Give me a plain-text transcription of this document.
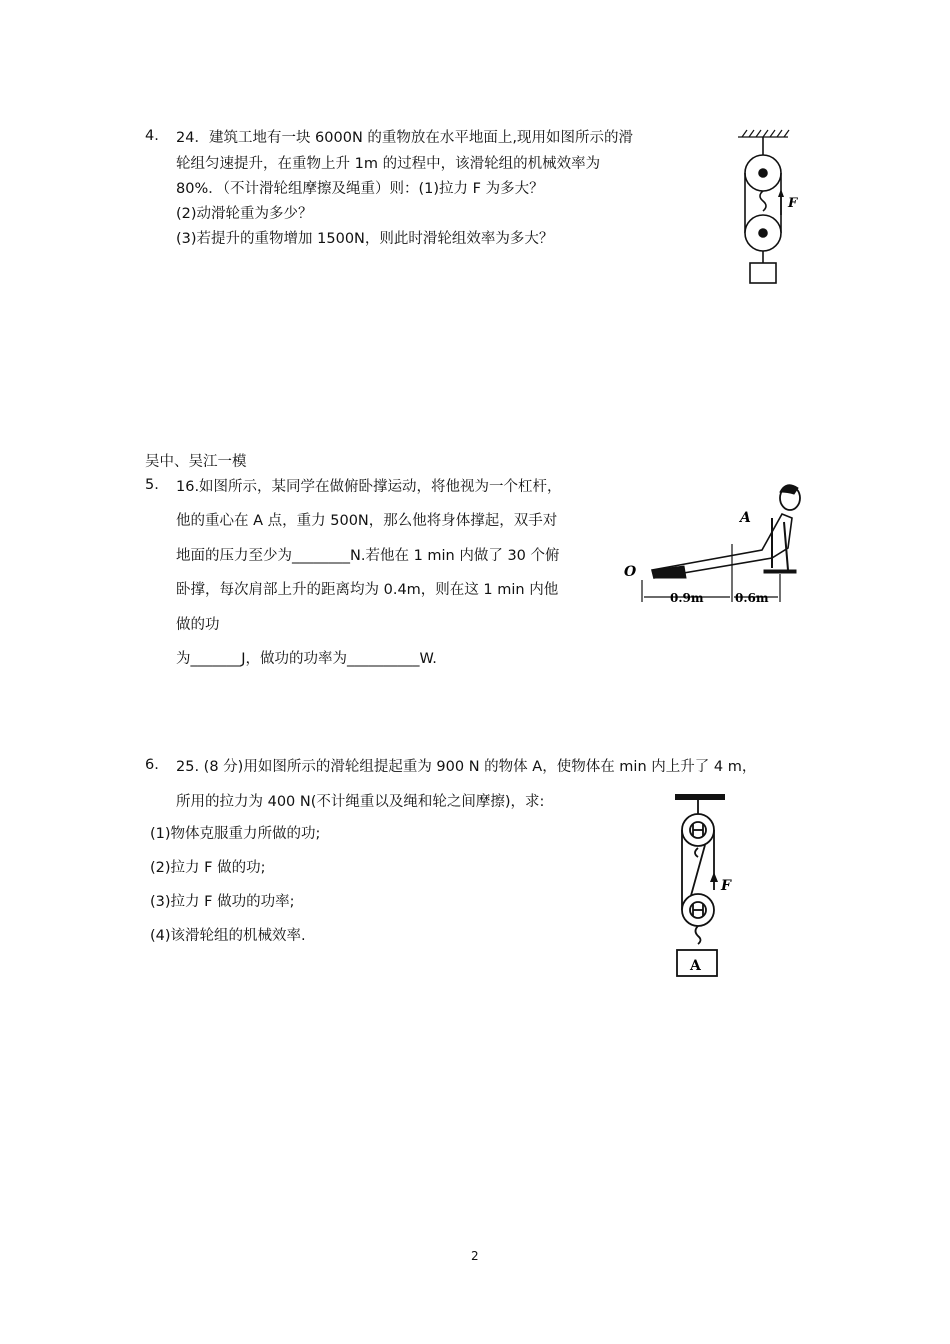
4. 24．建筑工地有一块 6000N 的重物放在水平地面上,现用如图所示的滑
轮组匀速提升，在重物上升 1m 的过程中，该滑轮组的机械效率为
80%．（不计滑轮组摩擦及绳重）则：(1)拉力 F 为多大？
(2)动滑轮重为多少？
(3)若提升的重物增加 1500N，则此时滑轮组效率为多大？
F
吴中、吴江一模
5. 16.如图所示，某同学在做俯卧撑运动，将他视为一个杠杆，
他的重心在 A 点，重力 500N，那么他将身体撑起，双手对
地面的压力至少为________N.若他在 1 min 内做了 30 个俯
卧撑，每次肩部上升的距离均为 0.4m，则在这 1 min 内他
做的功
为_______J，做功的功率为__________W.
A
O
0.9m	0.6m
6. 25. (8 分)用如图所示的滑轮组提起重为 900 N 的物体 A，使物体在 min 内上升了 4 m，
所用的拉力为 400 N(不计绳重以及绳和轮之间摩擦)，求:
(1)物体克服重力所做的功;
(2)拉力 F 做的功;
(3)拉力 F 做功的功率;
(4)该滑轮组的机械效率.
F
A
2
